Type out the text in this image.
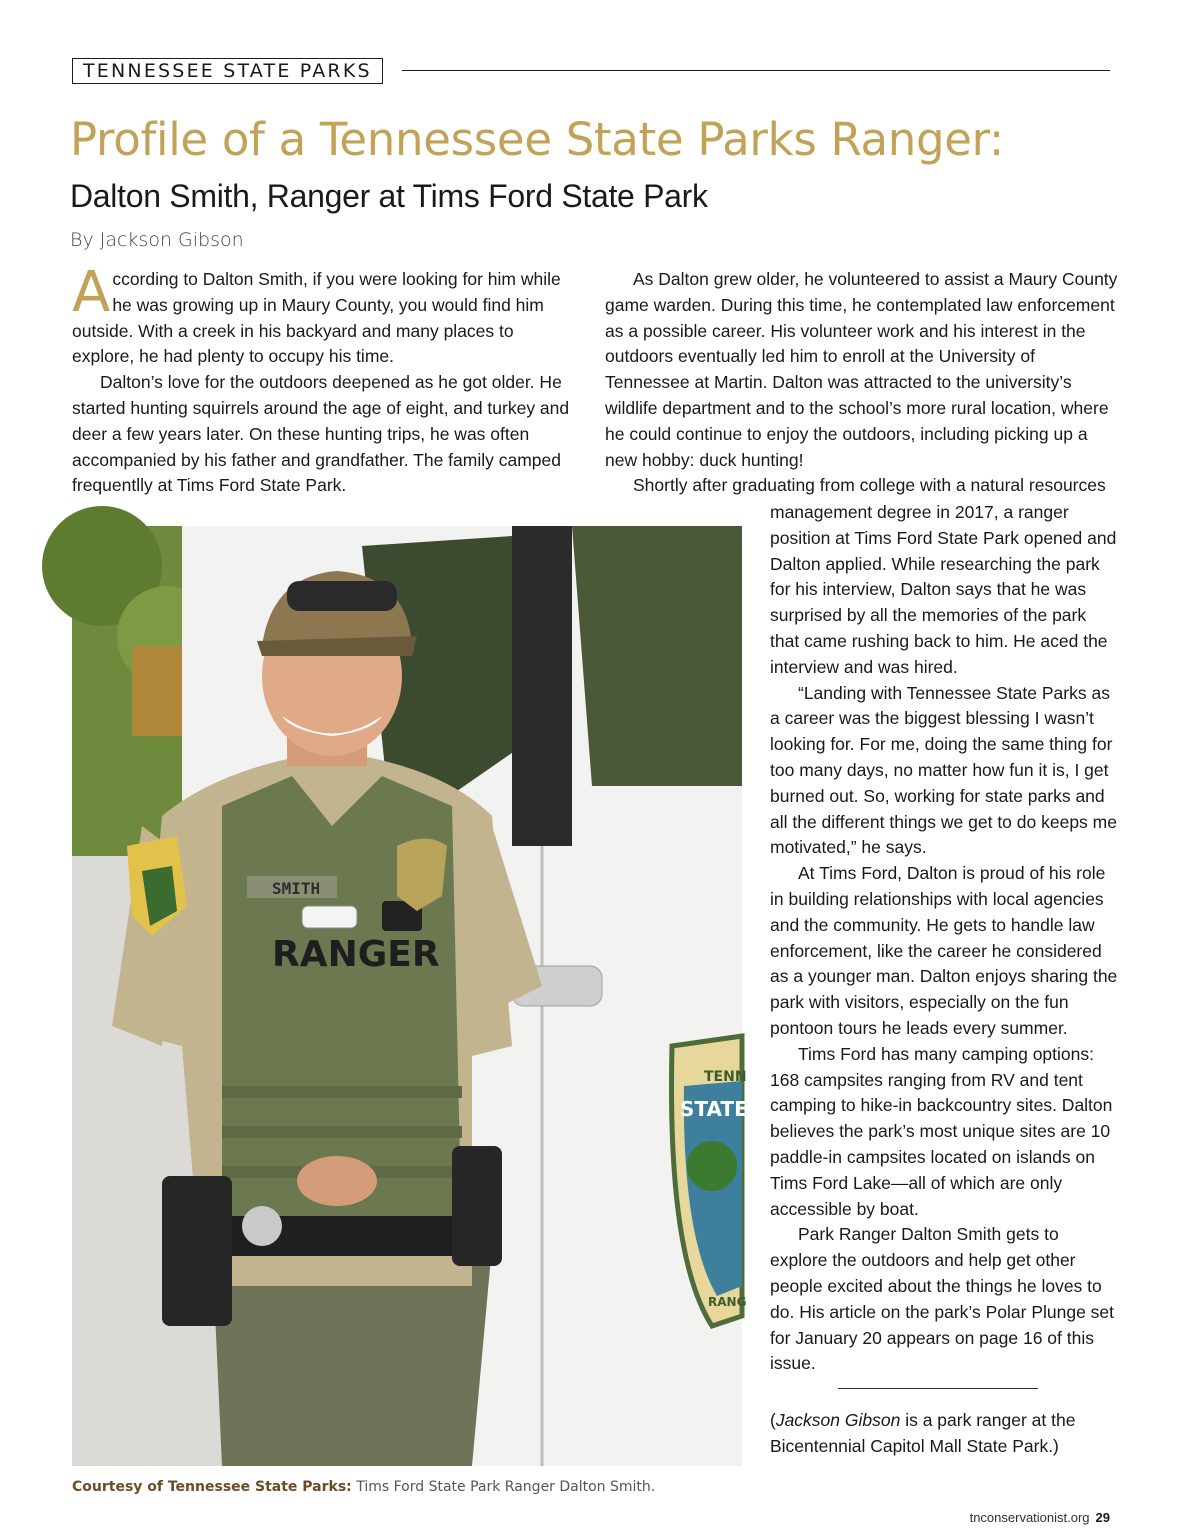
TENNESSEE STATE PARKS
Profile of a Tennessee State Parks Ranger:
Dalton Smith, Ranger at Tims Ford State Park
By Jackson Gibson

According to Dalton Smith, if you were looking for him while he was growing up in Maury County, you would find him outside. With a creek in his backyard and many places to explore, he had plenty to occupy his time.

Dalton’s love for the outdoors deepened as he got older. He started hunting squirrels around the age of eight, and turkey and deer a few years later. On these hunting trips, he was often accompanied by his father and grandfather. The family camped frequentlly at Tims Ford State Park.

As Dalton grew older, he volunteered to assist a Maury County game warden. During this time, he contemplated law enforcement as a possible career. His volunteer work and his interest in the outdoors eventually led him to enroll at the University of Tennessee at Martin. Dalton was attracted to the university’s wildlife department and to the school’s more rural location, where he could continue to enjoy the outdoors, including picking up a new hobby: duck hunting!

Shortly after graduating from college with a natural resources

management degree in 2017, a ranger position at Tims Ford State Park opened and Dalton applied. While researching the park for his interview, Dalton says that he was surprised by all the memories of the park that came rushing back to him. He aced the interview and was hired.

“Landing with Tennessee State Parks as a career was the biggest blessing I wasn’t looking for. For me, doing the same thing for too many days, no matter how fun it is, I get burned out. So, working for state parks and all the different things we get to do keeps me motivated,” he says.

At Tims Ford, Dalton is proud of his role in building relationships with local agencies and the community. He gets to handle law enforcement, like the career he considered as a younger man. Dalton enjoys sharing the park with visitors, especially on the fun pontoon tours he leads every summer.

Tims Ford has many camping options: 168 campsites ranging from RV and tent camping to hike-in backcountry sites. Dalton believes the park’s most unique sites are 10 paddle-in campsites located on islands on Tims Ford Lake—all of which are only accessible by boat.

Park Ranger Dalton Smith gets to explore the outdoors and help get other people excited about the things he loves to do. His article on the park’s Polar Plunge set for January 20 appears on page 16 of this issue.

TENN
STATE
RANG
SMITH
RANGER
Courtesy of Tennessee State Parks: Tims Ford State Park Ranger Dalton Smith.
(Jackson Gibson is a park ranger at the Bicentennial Capitol Mall State Park.)
tnconservationist.org 29
